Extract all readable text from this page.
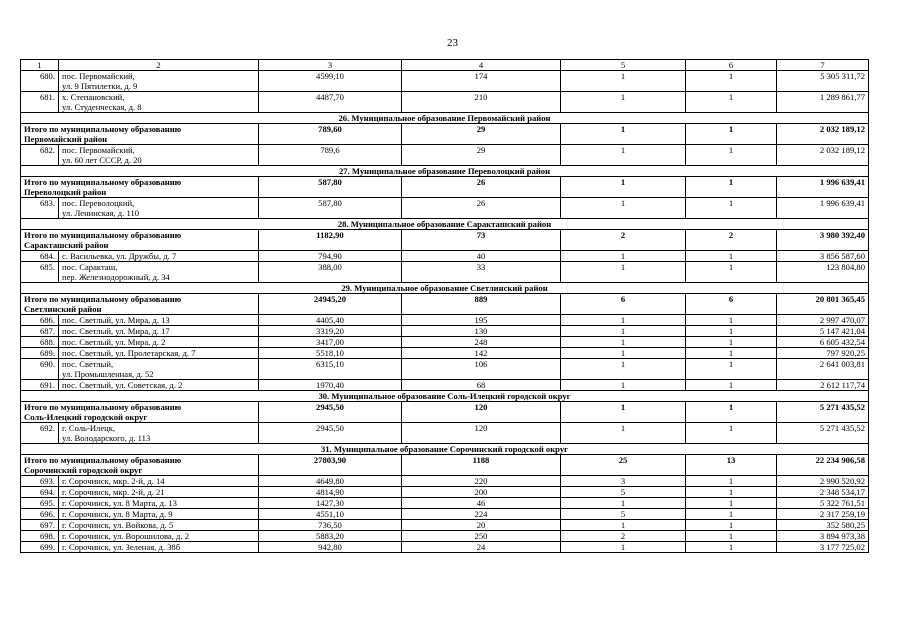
23
1	2	3	4	5	6	7
680.	пос. Первомайский,
ул. 9 Пятилетки, д. 9	4599,10	174	1	1	5 305 311,72
681.	х. Степановский,
ул. Студенческая, д. 8	4487,70	210	1	1	1 289 861,77
26. Муниципальное образование Первомайский район						

Итого по муниципальному образованию
Первомайский район		789,60	29	1	1	2 032 189,12
682.	пос. Первомайский,
ул. 60 лет СССР, д. 20	789,6	29	1	1	2 032 189,12
27. Муниципальное образование Переволоцкий район						

Итого по муниципальному образованию
Переволоцкий район		587,80	26	1	1	1 996 639,41
683.	пос. Переволоцкий,
ул. Ленинская, д. 110	587,80	26	1	1	1 996 639,41
28. Муниципальное образование Саракташский район						

Итого по муниципальному образованию
Саракташский район		1182,90	73	2	2	3 980 392,40
684.	с. Васильевка, ул. Дружбы, д. 7	794,90	40	1	1	3 856 587,60
685.	пос. Саракташ,
пер. Железнодорожный, д. 34	388,00	33	1	1	123 804,80
29. Муниципальное образование Светлинский район						

Итого по муниципальному образованию
Светлинский район		24945,20	889	6	6	20 801 365,45
686.	пос. Светлый, ул. Мира, д. 13	4405,40	195	1	1	2 997 470,07
687.	пос. Светлый, ул. Мира, д. 17	3319,20	130	1	1	5 147 421,04
688.	пос. Светлый, ул. Мира, д. 2	3417,00	248	1	1	6 605 432,54
689.	пос. Светлый, ул. Пролетарская, д. 7	5518,10	142	1	1	797 920,25
690.	пос. Светлый,
ул. Промышленная, д. 52	6315,10	106	1	1	2 641 003,81
691.	пос. Светлый, ул. Советская, д. 2	1970,40	68	1	1	2 612 117,74
30. Муниципальное образование Соль-Илецкий городской округ						

Итого по муниципальному образованию
Соль-Илецкий городской округ		2945,50	120	1	1	5 271 435,52
692.	г. Соль-Илецк,
ул. Володарского, д. 113	2945,50	120	1	1	5 271 435,52
31. Муниципальное образование Сорочинский городской округ						

Итого по муниципальному образованию
Сорочинский городской округ		27803,90	1188	25	13	22 234 906,58
693.	г. Сорочинск, мкр. 2-й, д. 14	4649,80	220	3	1	2 990 520,92
694.	г. Сорочинск, мкр. 2-й, д. 21	4814,90	200	5	1	2 348 534,17
695.	г. Сорочинск, ул. 8 Марта, д. 13	1427,30	46	1	1	5 322 761,51
696.	г. Сорочинск, ул. 8 Марта, д. 9	4551,10	224	5	1	2 317 259,19
697.	г. Сорочинск, ул. Войкова, д. 5	736,50	20	1	1	352 580,25
698.	г. Сорочинск, ул. Ворошилова, д. 2	5883,20	250	2	1	3 894 973,38
699.	г. Сорочинск, ул. Зеленая, д. 38б	942,80	24	1	1	3 177 725,02
